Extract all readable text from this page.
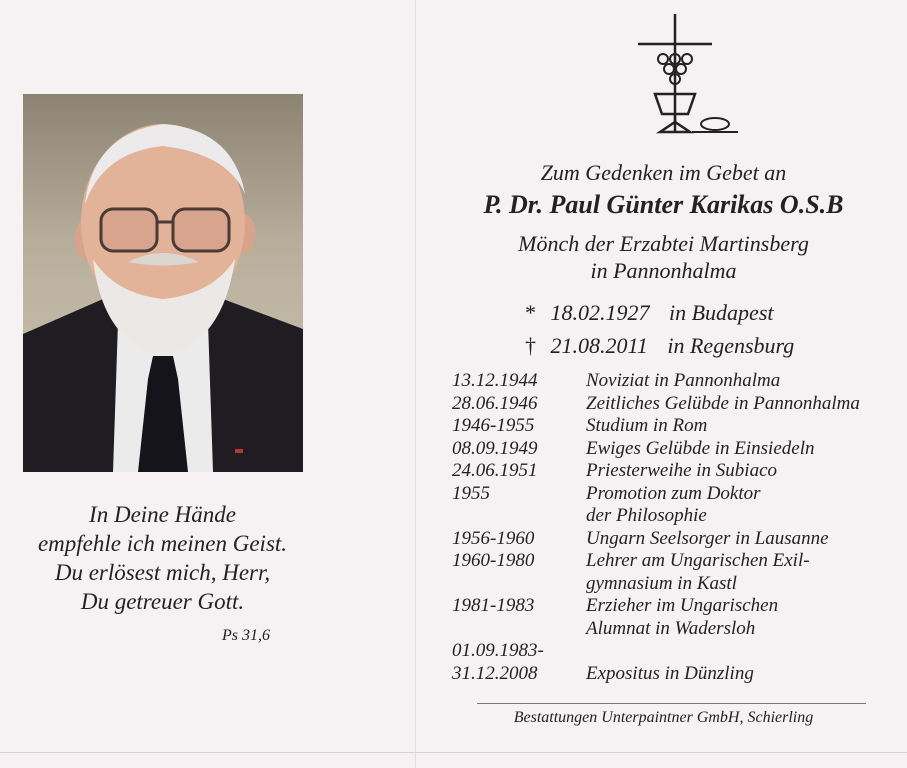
In Deine Hände
empfehle ich meinen Geist.
Du erlösest mich, Herr,
Du getreuer Gott.
Ps 31,6
Zum Gedenken im Gebet an
P. Dr. Paul Günter Karikas O.S.B
Mönch der Erzabtei Martinsberg
in Pannonhalma
* 18.02.1927 in Budapest
† 21.08.2011 in Regensburg
13.12.1944	Noviziat in Pannonhalma
28.06.1946	Zeitliches Gelübde in Pannonhalma
1946-1955	Studium in Rom
08.09.1949	Ewiges Gelübde in Einsiedeln
24.06.1951	Priesterweihe in Subiaco
1955	Promotion zum Doktor
der Philosophie
1956-1960	Ungarn Seelsorger in Lausanne
1960-1980	Lehrer am Ungarischen Exil-
gymnasium in Kastl
1981-1983	Erzieher im Ungarischen
Alumnat in Wadersloh
01.09.1983-
31.12.2008	Expositus in Dünzling
Bestattungen Unterpaintner GmbH, Schierling
